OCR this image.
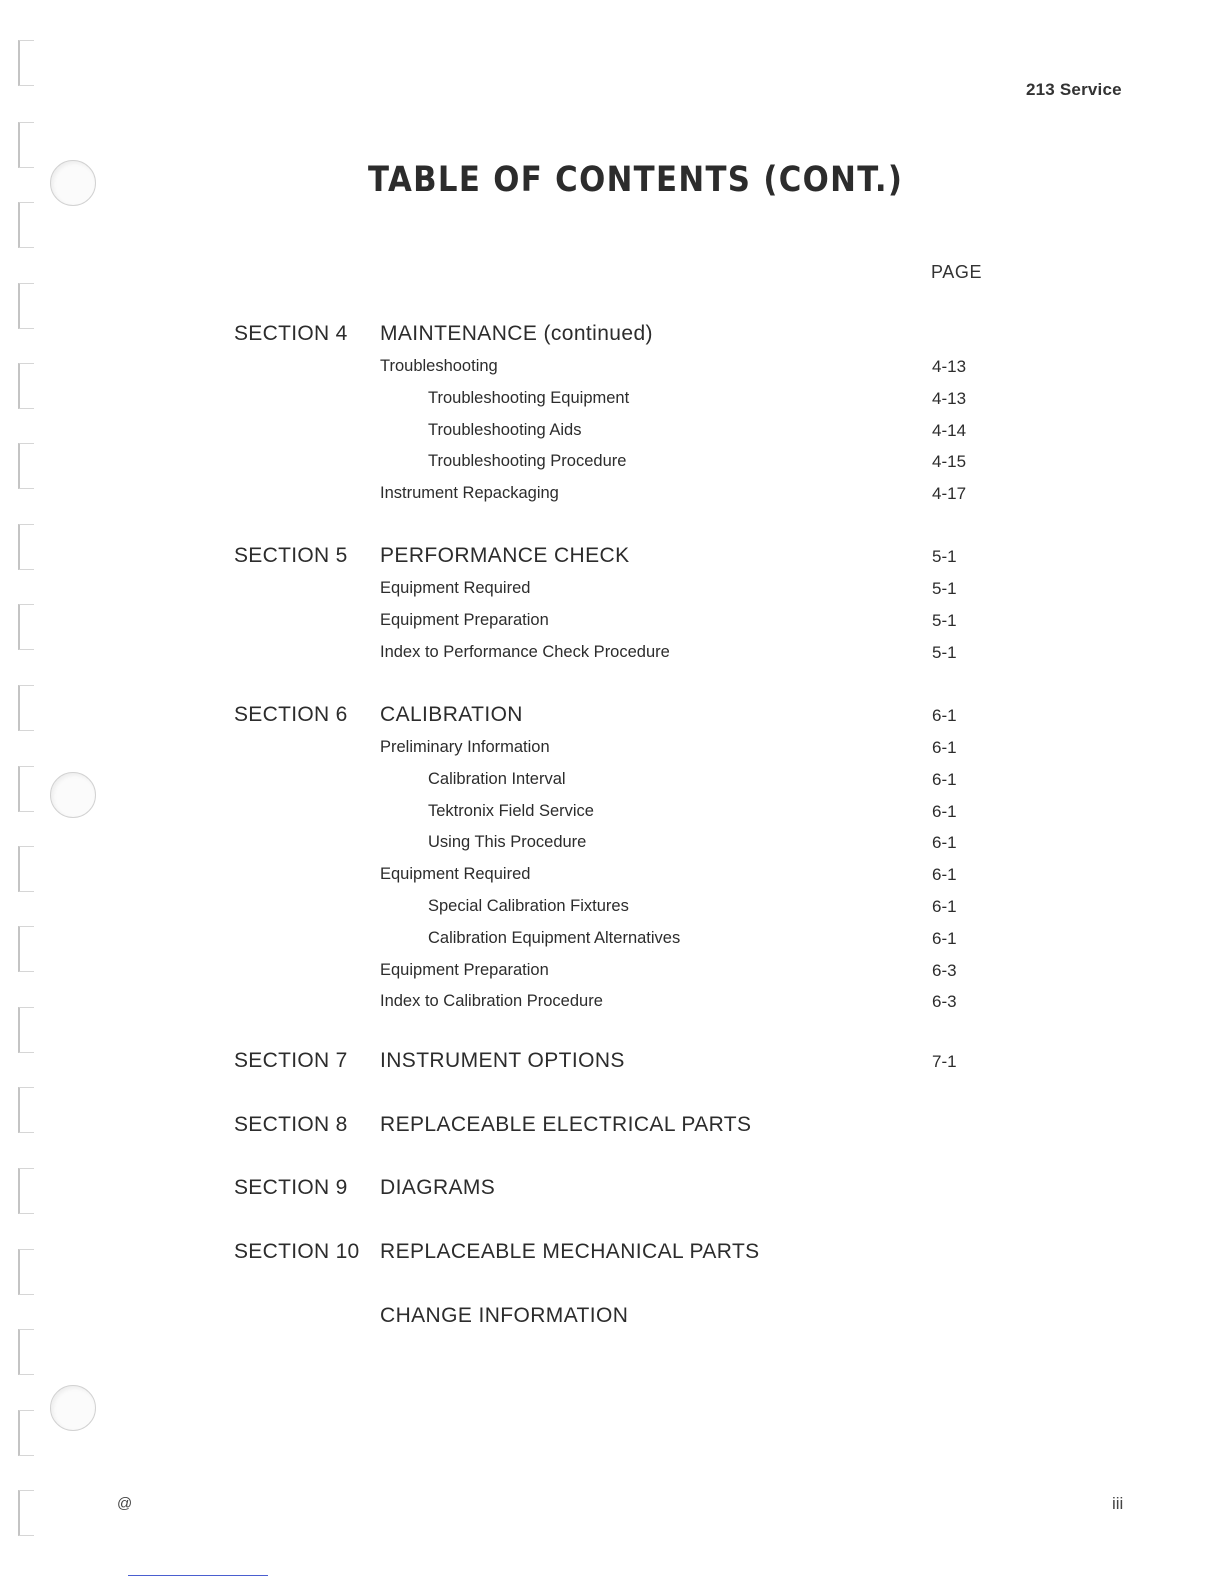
213 Service
TABLE OF CONTENTS (CONT.)
PAGE
SECTION 4 MAINTENANCE (continued)
Troubleshooting	4-13
Troubleshooting Equipment	4-13
Troubleshooting Aids	4-14
Troubleshooting Procedure	4-15
Instrument Repackaging	4-17
SECTION 5 PERFORMANCE CHECK	5-1
Equipment Required	5-1
Equipment Preparation	5-1
Index to Performance Check Procedure	5-1
SECTION 6 CALIBRATION	6-1
Preliminary Information	6-1
Calibration Interval	6-1
Tektronix Field Service	6-1
Using This Procedure	6-1
Equipment Required	6-1
Special Calibration Fixtures	6-1
Calibration Equipment Alternatives	6-1
Equipment Preparation	6-3
Index to Calibration Procedure	6-3
SECTION 7 INSTRUMENT OPTIONS	7-1
SECTION 8 REPLACEABLE ELECTRICAL PARTS
SECTION 9 DIAGRAMS
SECTION 10 REPLACEABLE MECHANICAL PARTS
CHANGE INFORMATION
@	iii
